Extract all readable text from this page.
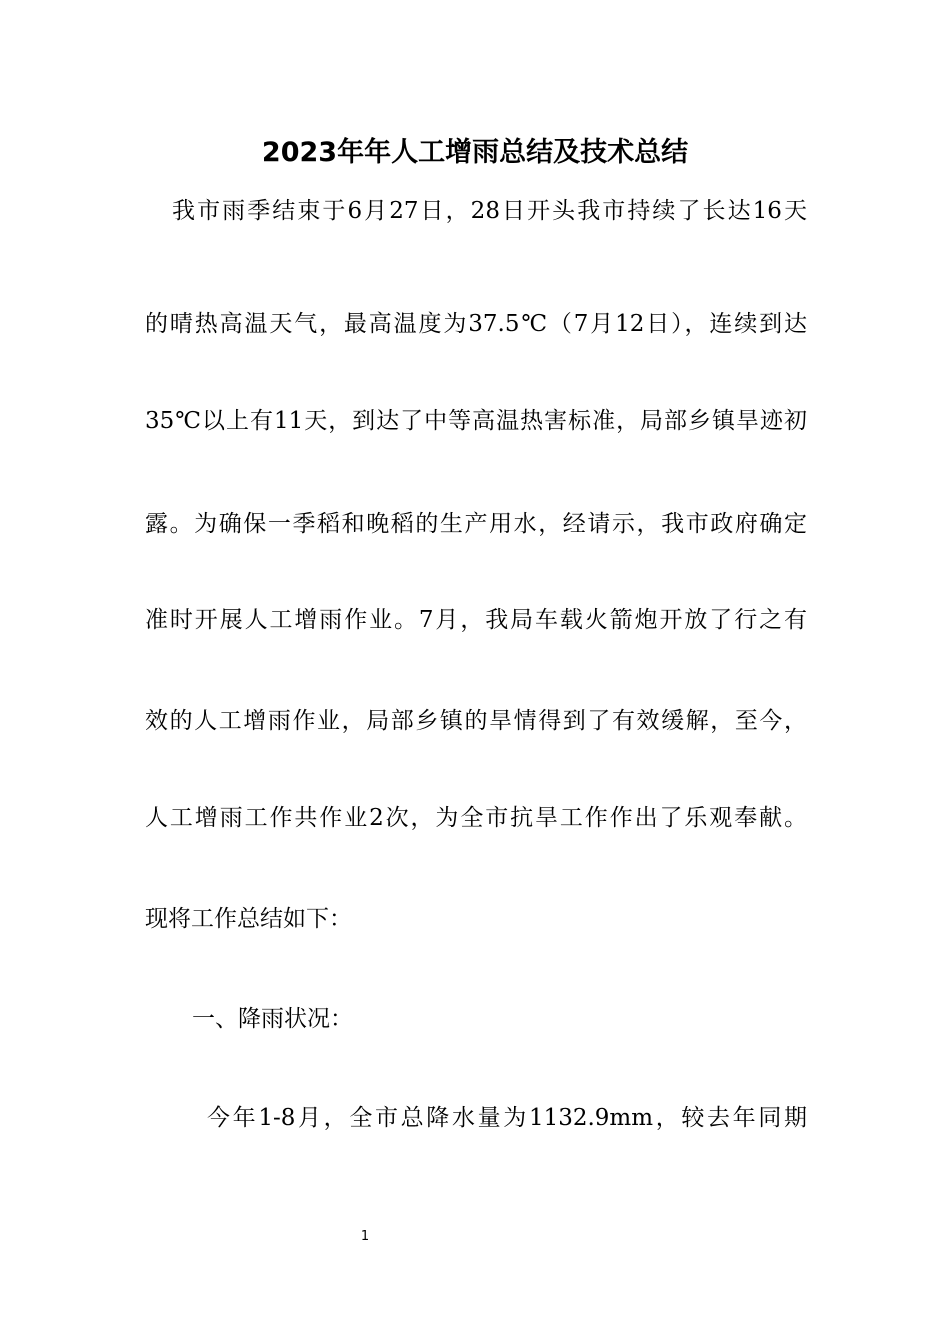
2023年年人工增雨总结及技术总结
我市雨季结束于6月27日，28日开头我市持续了长达16天
的晴热高温天气，最高温度为37.5℃（7月12日），连续到达
35℃以上有11天，到达了中等高温热害标准，局部乡镇旱迹初
露。为确保一季稻和晚稻的生产用水，经请示，我市政府确定
准时开展人工增雨作业。7月，我局车载火箭炮开放了行之有
效的人工增雨作业，局部乡镇的旱情得到了有效缓解，至今，
人工增雨工作共作业2次，为全市抗旱工作作出了乐观奉献。
现将工作总结如下：
一、降雨状况：
今年1-8月，全市总降水量为1132.9mm，较去年同期
1
